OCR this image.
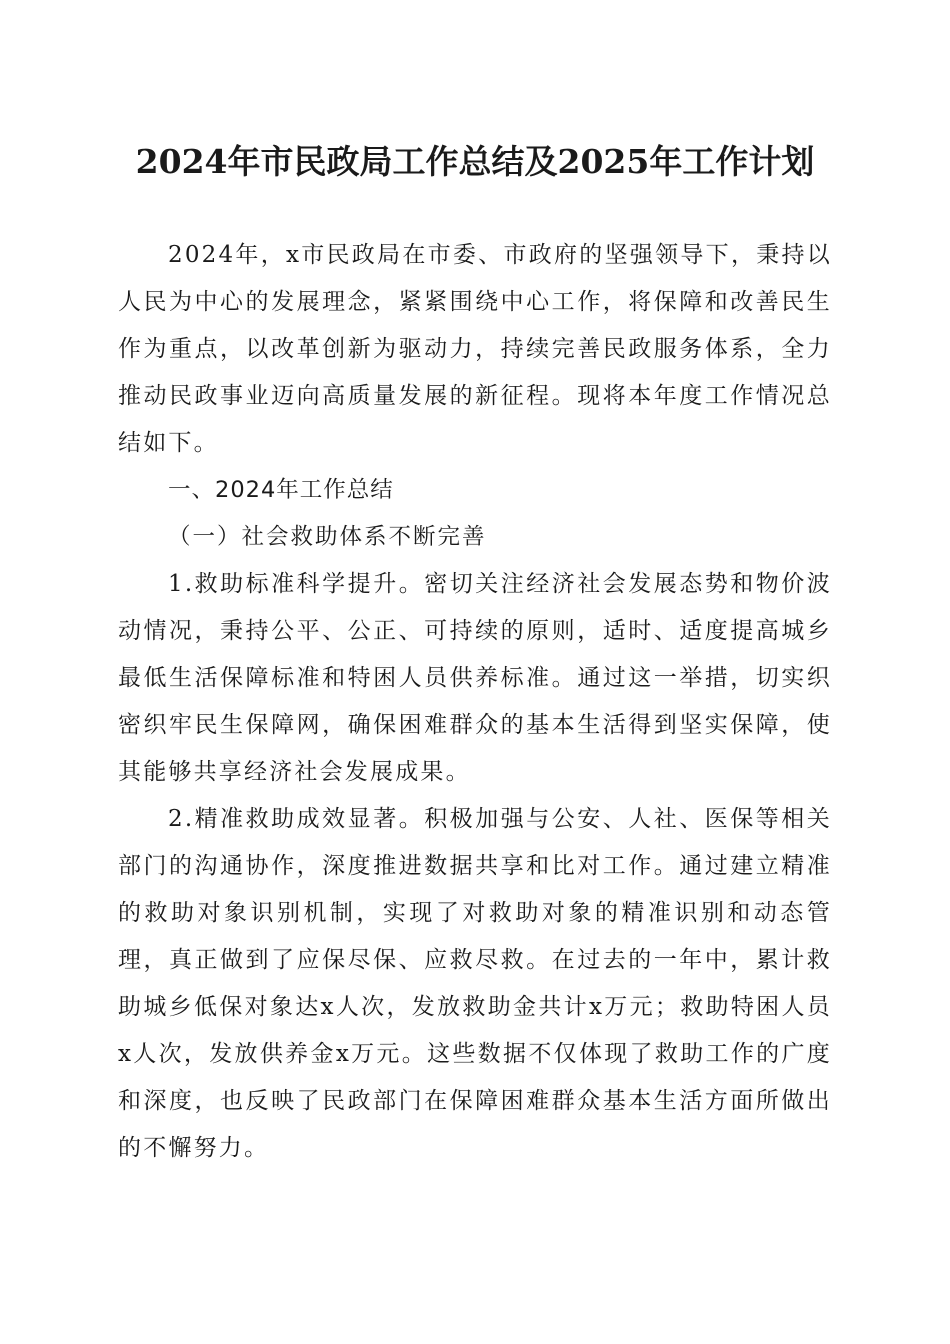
2024年市民政局工作总结及2025年工作计划

2024年，x市民政局在市委、市政府的坚强领导下，秉持以人民为中心的发展理念，紧紧围绕中心工作，将保障和改善民生作为重点，以改革创新为驱动力，持续完善民政服务体系，全力推动民政事业迈向高质量发展的新征程。现将本年度工作情况总结如下。

一、2024年工作总结

（一）社会救助体系不断完善

1.救助标准科学提升。密切关注经济社会发展态势和物价波动情况，秉持公平、公正、可持续的原则，适时、适度提高城乡最低生活保障标准和特困人员供养标准。通过这一举措，切实织密织牢民生保障网，确保困难群众的基本生活得到坚实保障，使其能够共享经济社会发展成果。

2.精准救助成效显著。积极加强与公安、人社、医保等相关部门的沟通协作，深度推进数据共享和比对工作。通过建立精准的救助对象识别机制，实现了对救助对象的精准识别和动态管理，真正做到了应保尽保、应救尽救。在过去的一年中，累计救助城乡低保对象达x人次，发放救助金共计x万元；救助特困人员x人次，发放供养金x万元。这些数据不仅体现了救助工作的广度和深度，也反映了民政部门在保障困难群众基本生活方面所做出的不懈努力。
